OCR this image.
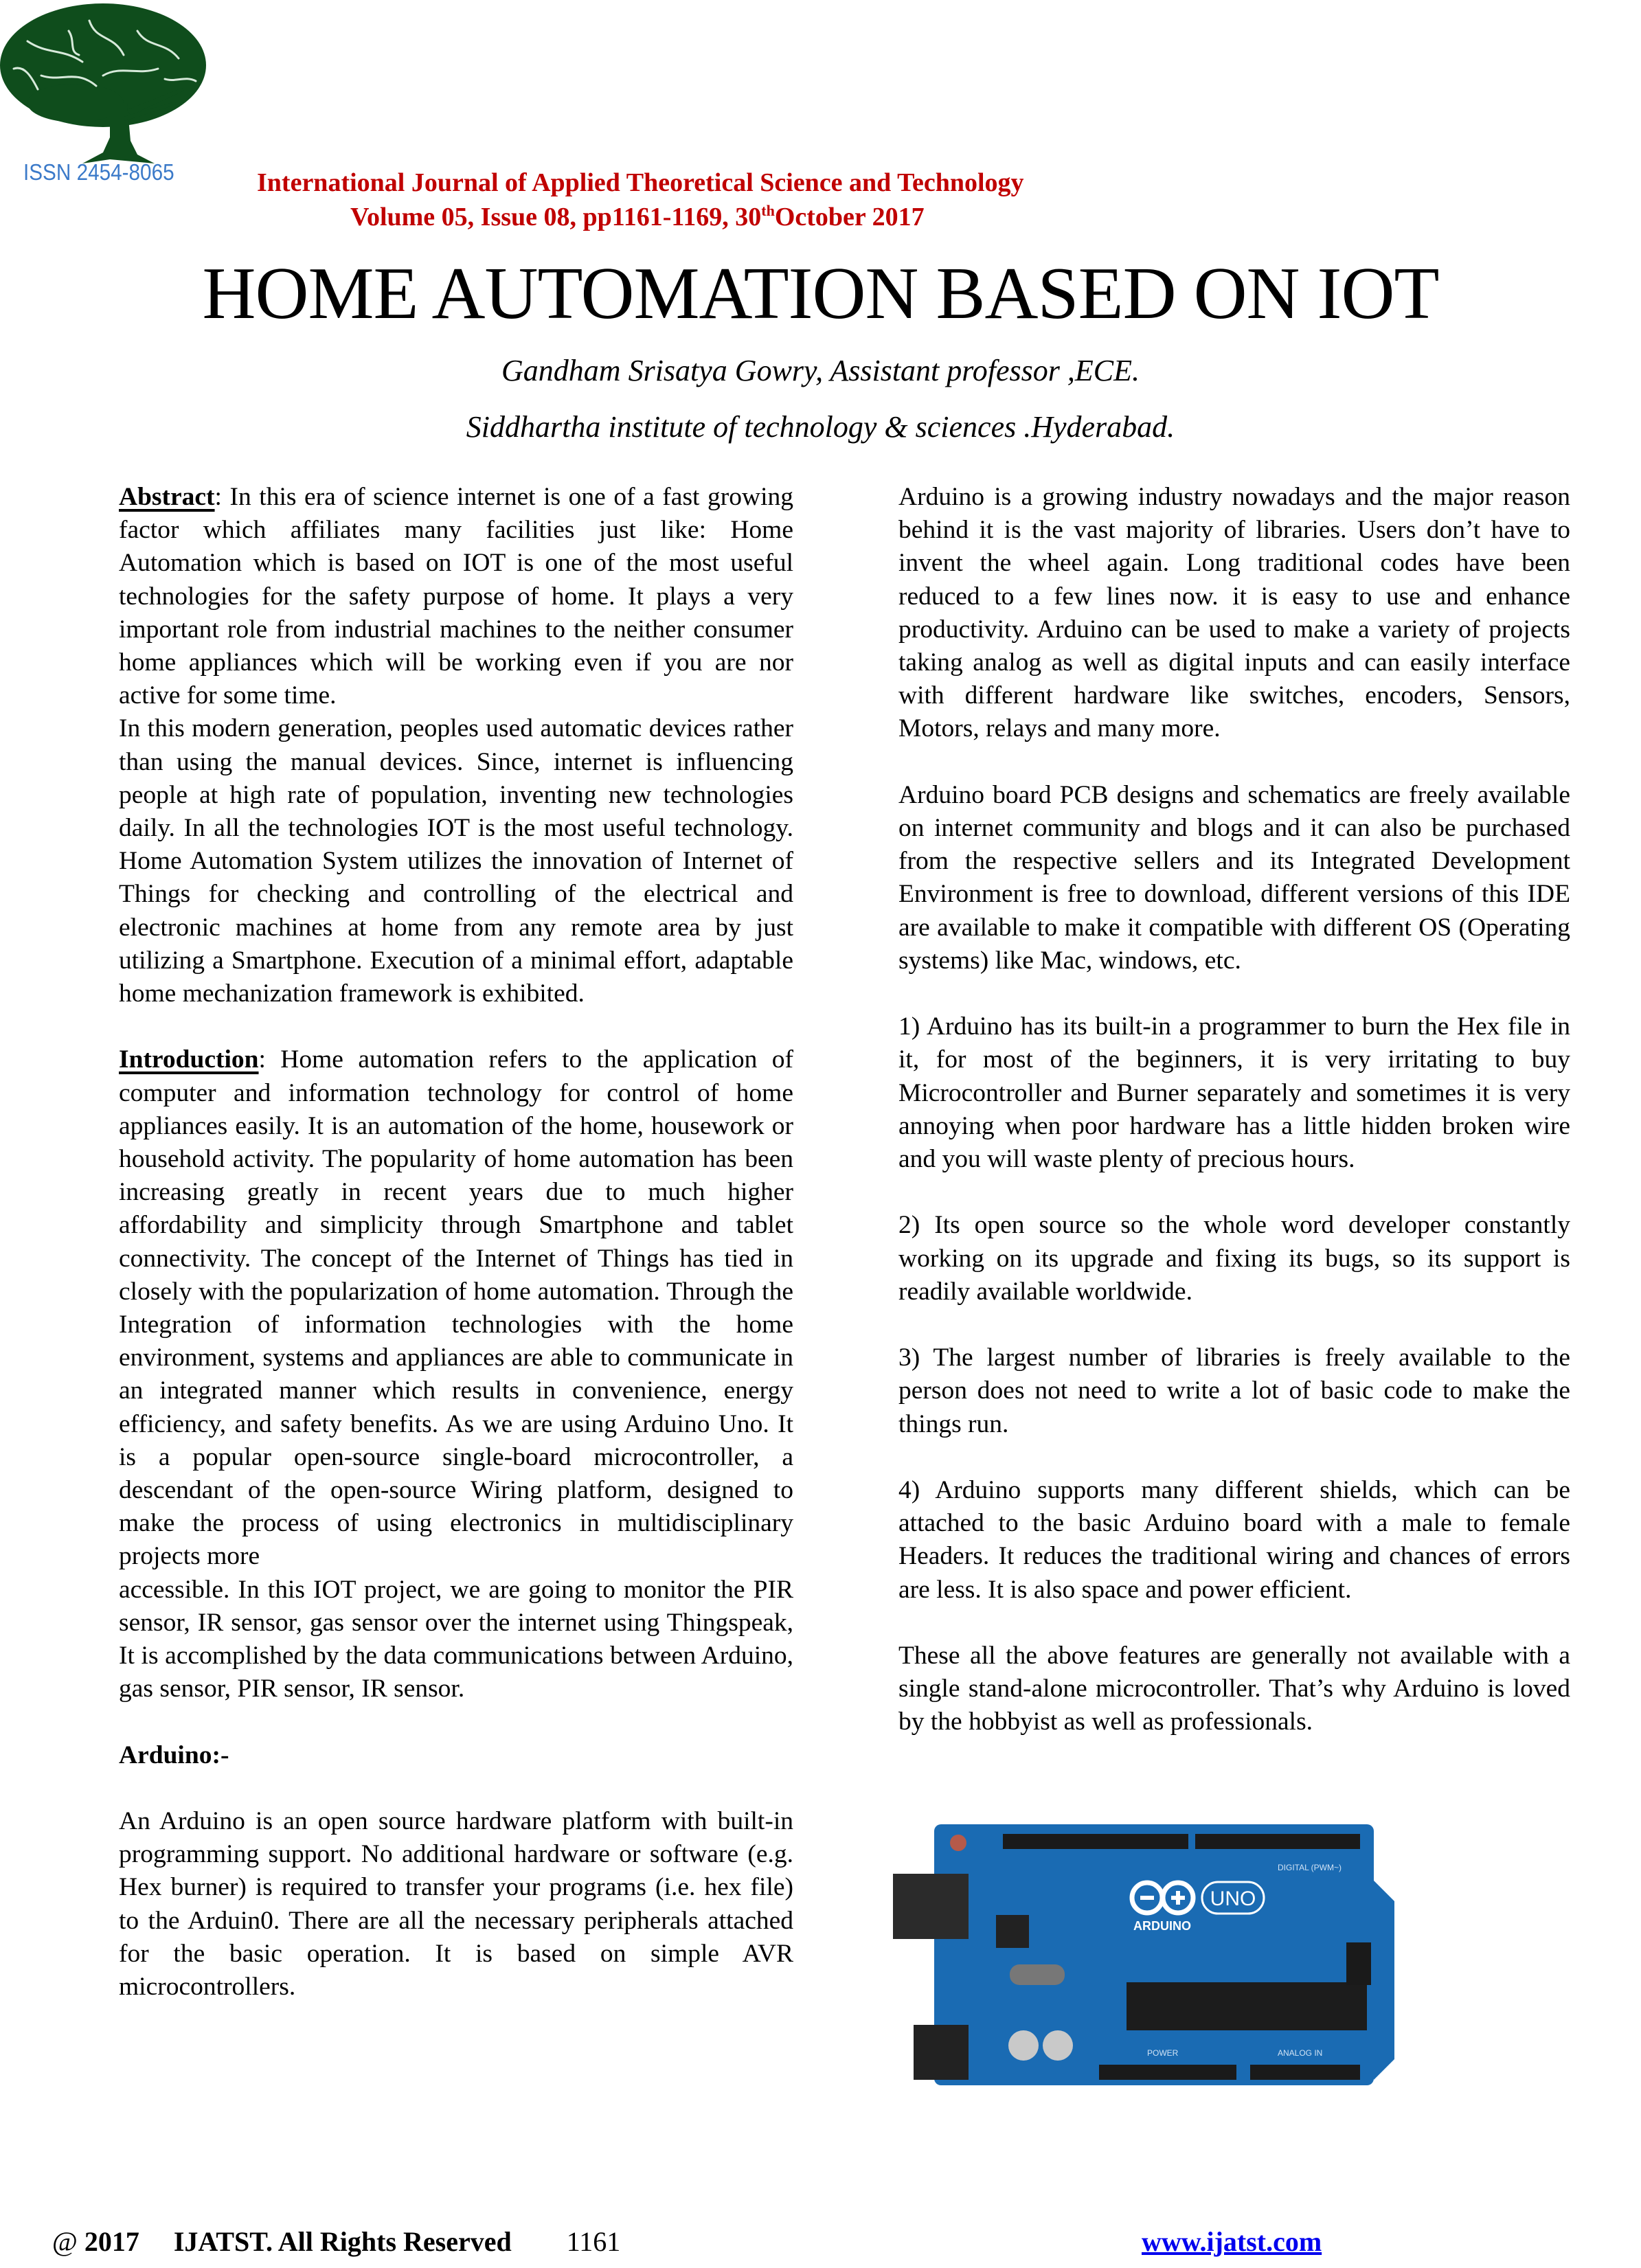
ISSN 2454-8065	International Journal of Applied Theoretical Science and Technology
Volume 05, Issue 08, pp1161-1169, 30thOctober 2017
HOME AUTOMATION BASED ON IOT
Gandham Srisatya Gowry, Assistant professor ,ECE.
Siddhartha institute of technology & sciences .Hyderabad.

Abstract: In this era of science internet is one of a fast growing factor which affiliates many facilities just like: Home Automation which is based on IOT is one of the most useful technologies for the safety purpose of home. It plays a very important role from industrial machines to the neither consumer home appliances which will be working even if you are nor active for some time.

In this modern generation, peoples used automatic devices rather than using the manual devices. Since, internet is influencing people at high rate of population, inventing new technologies daily. In all the technologies IOT is the most useful technology. Home Automation System utilizes the innovation of Internet of Things for checking and controlling of the electrical and electronic machines at home from any remote area by just utilizing a Smartphone. Execution of a minimal effort, adaptable home mechanization framework is exhibited.

Introduction: Home automation refers to the application of computer and information technology for control of home appliances easily. It is an automation of the home, housework or household activity. The popularity of home automation has been increasing greatly in recent years due to much higher affordability and simplicity through Smartphone and tablet connectivity. The concept of the Internet of Things has tied in closely with the popularization of home automation. Through the Integration of information technologies with the home environment, systems and appliances are able to communicate in an integrated manner which results in convenience, energy efficiency, and safety benefits. As we are using Arduino Uno. It is a popular open-source single-board microcontroller, a descendant of the open-source Wiring platform, designed to make the process of using electronics in multidisciplinary projects more

accessible. In this IOT project, we are going to monitor the PIR sensor, IR sensor, gas sensor over the internet using Thingspeak, It is accomplished by the data communications between Arduino, gas sensor, PIR sensor, IR sensor.

Arduino:-

An Arduino is an open source hardware platform with built-in programming support. No additional hardware or software (e.g. Hex burner) is required to transfer your programs (i.e. hex file) to the Arduin0. There are all the necessary peripherals attached for the basic operation. It is based on simple AVR microcontrollers.

Arduino is a growing industry nowadays and the major reason behind it is the vast majority of libraries. Users don’t have to invent the wheel again. Long traditional codes have been reduced to a few lines now. it is easy to use and enhance productivity. Arduino can be used to make a variety of projects taking analog as well as digital inputs and can easily interface with different hardware like switches, encoders, Sensors, Motors, relays and many more.

Arduino board PCB designs and schematics are freely available on internet community and blogs and it can also be purchased from the respective sellers and its Integrated Development Environment is free to download, different versions of this IDE are available to make it compatible with different OS (Operating systems) like Mac, windows, etc.

1) Arduino has its built-in a programmer to burn the Hex file in it, for most of the beginners, it is very irritating to buy Microcontroller and Burner separately and sometimes it is very annoying when poor hardware has a little hidden broken wire and you will waste plenty of precious hours.

2) Its open source so the whole word developer constantly working on its upgrade and fixing its bugs, so its support is readily available worldwide.

3) The largest number of libraries is freely available to the person does not need to write a lot of basic code to make the things run.

4) Arduino supports many different shields, which can be attached to the basic Arduino board with a male to female Headers. It reduces the traditional wiring and chances of errors are less. It is also space and power efficient.

These all the above features are generally not available with a single stand-alone microcontroller. That’s why Arduino is loved by the hobbyist as well as professionals.

UNO
ARDUINO
DIGITAL (PWM~)
POWER	ANALOG IN
@ 2017 IJATST. All Rights Reserved 1161	www.ijatst.com
